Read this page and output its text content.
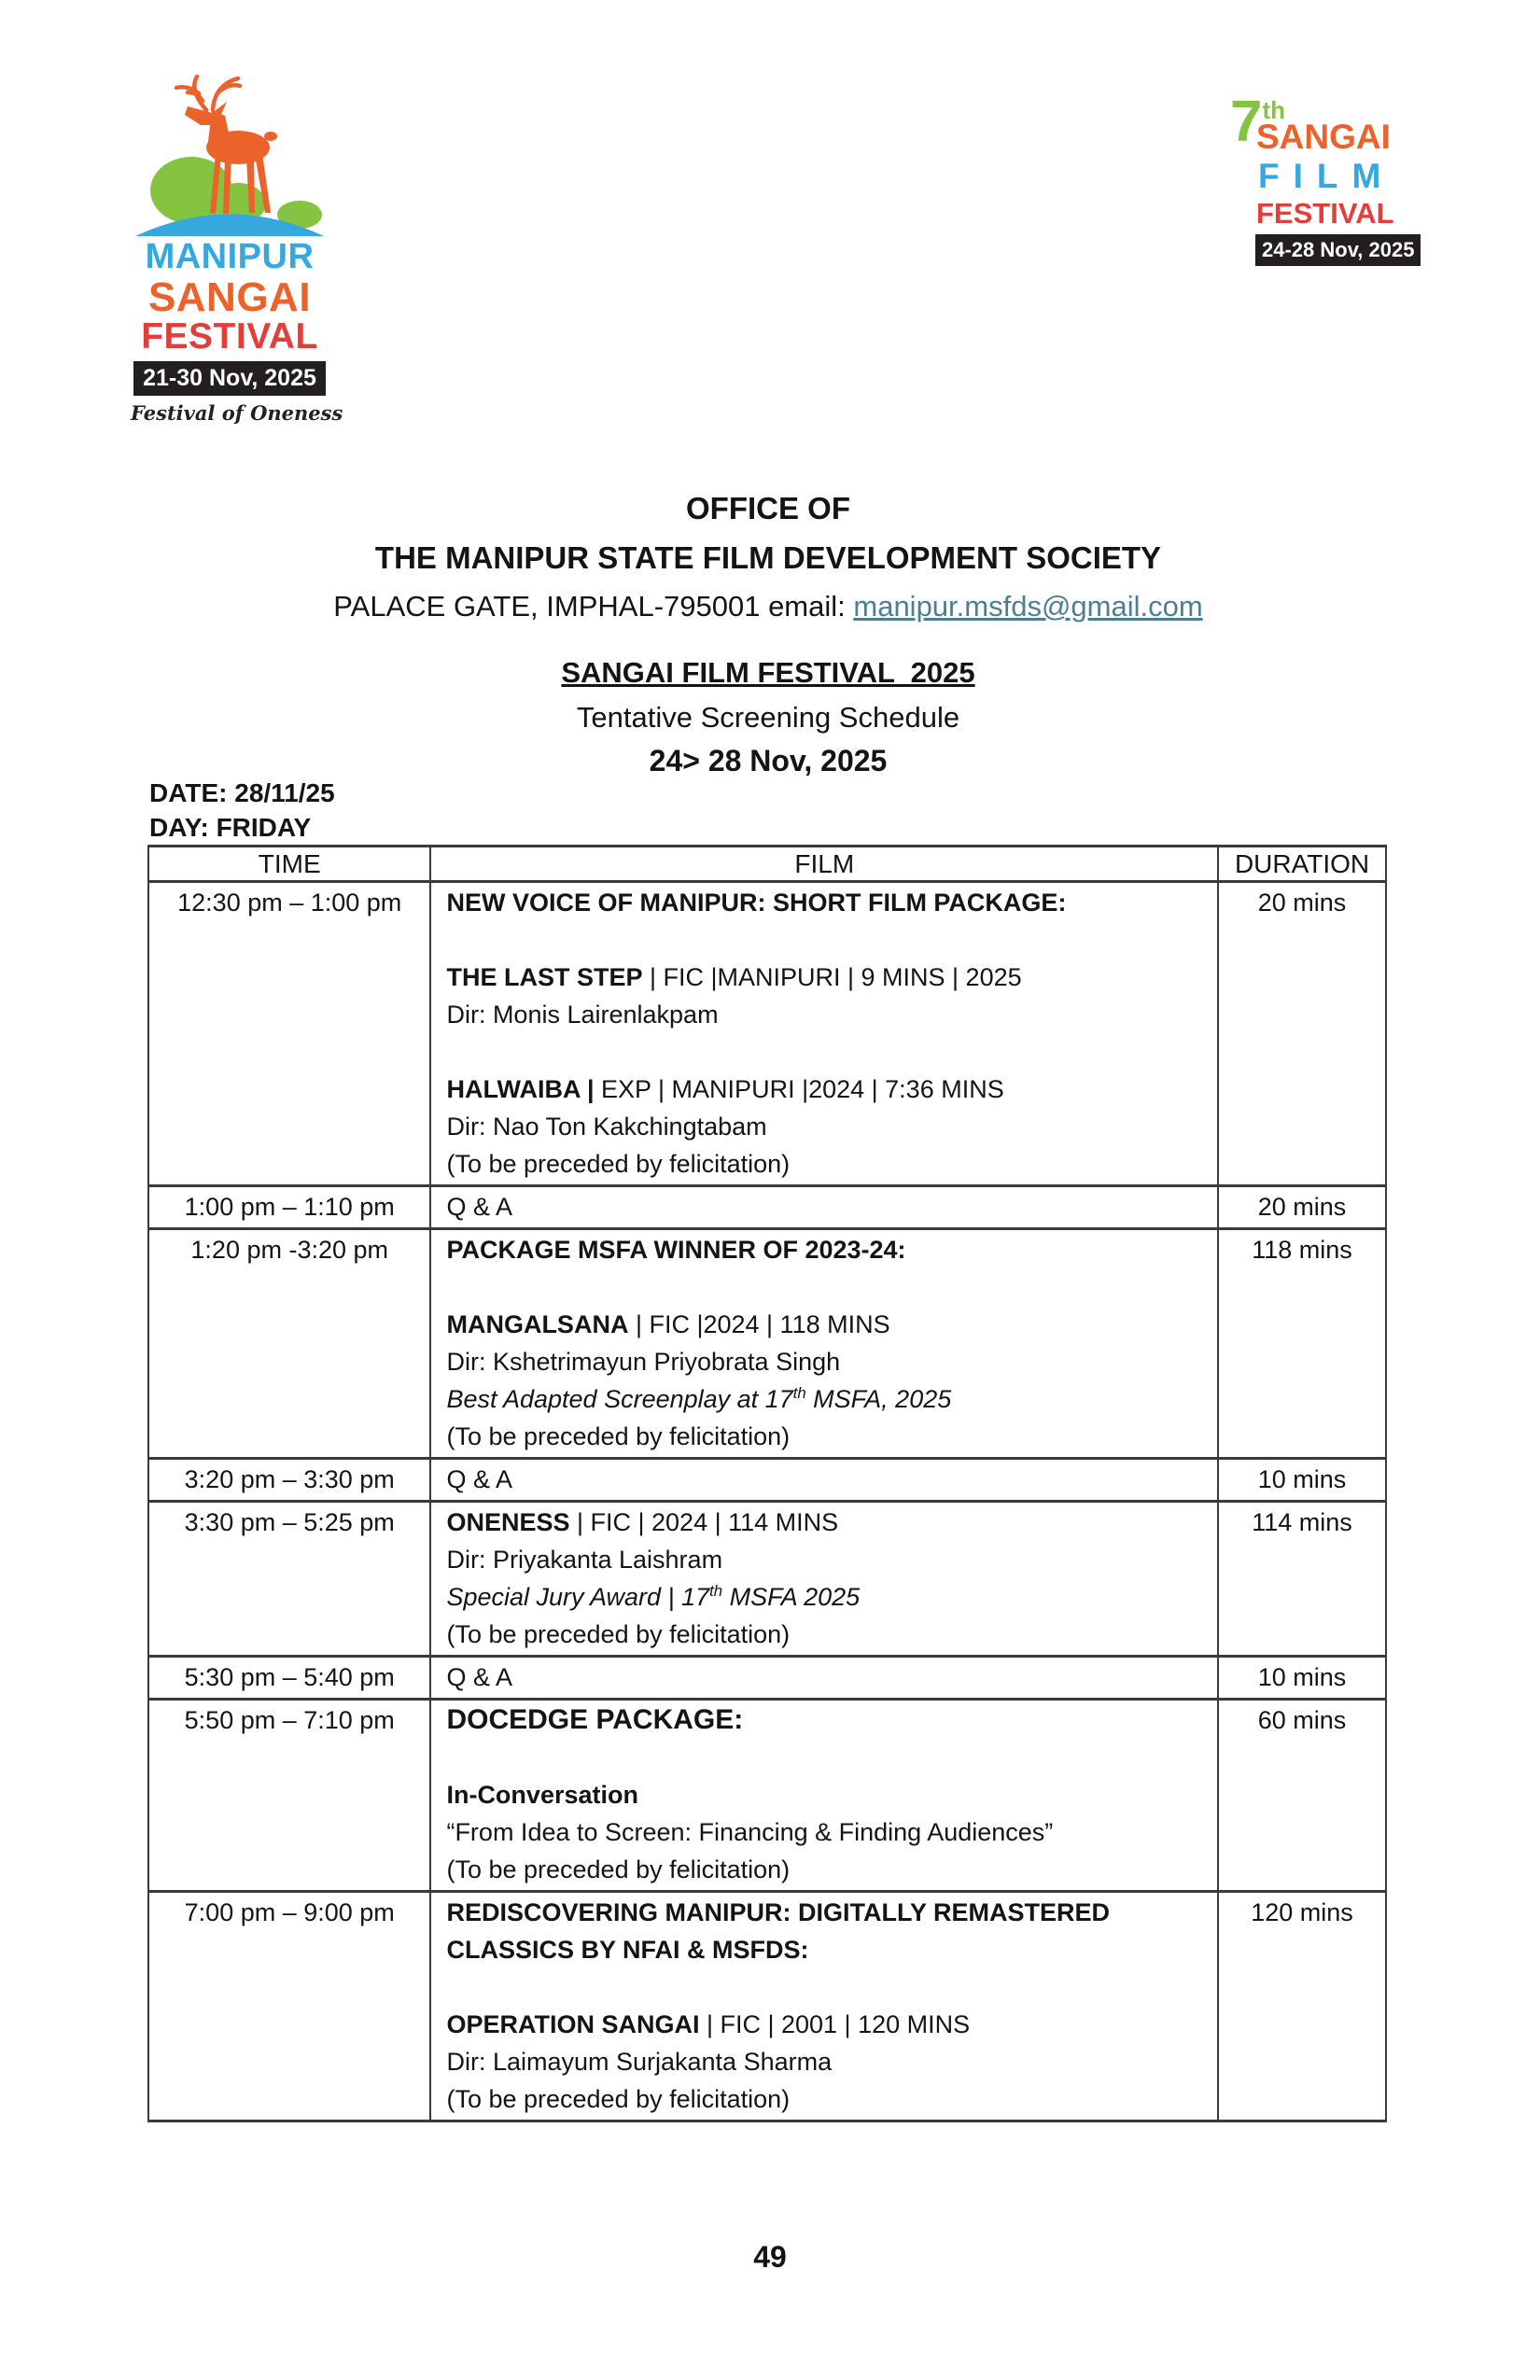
MANIPUR
SANGAI
FESTIVAL
21-30 Nov, 2025
Festival of Oneness
7th
SANGAI
FILM
FESTIVAL
24-28 Nov, 2025
OFFICE OF
THE MANIPUR STATE FILM DEVELOPMENT SOCIETY
PALACE GATE, IMPHAL-795001 email: manipur.msfds@gmail.com
SANGAI FILM FESTIVAL  2025
Tentative Screening Schedule
24> 28 Nov, 2025
DATE: 28/11/25
DAY: FRIDAY
TIME	FILM	DURATION
12:30 pm – 1:00 pm	NEW VOICE OF MANIPUR: SHORT FILM PACKAGE:
THE LAST STEP | FIC |MANIPURI | 9 MINS | 2025
Dir: Monis Lairenlakpam
HALWAIBA | EXP | MANIPURI |2024 | 7:36 MINS
Dir: Nao Ton Kakchingtabam
(To be preceded by felicitation)
	20 mins
1:00 pm – 1:10 pm	Q & A	20 mins
1:20 pm -3:20 pm	PACKAGE MSFA WINNER OF 2023-24:
MANGALSANA | FIC |2024 | 118 MINS
Dir: Kshetrimayun Priyobrata Singh
Best Adapted Screenplay at 17th MSFA, 2025
(To be preceded by felicitation)	118 mins
3:20 pm – 3:30 pm	Q & A	10 mins
3:30 pm – 5:25 pm	ONENESS | FIC | 2024 | 114 MINS
Dir: Priyakanta Laishram
Special Jury Award | 17th MSFA 2025
(To be preceded by felicitation)	114 mins
5:30 pm – 5:40 pm	Q & A	10 mins
5:50 pm – 7:10 pm	DOCEDGE PACKAGE:
In-Conversation
“From Idea to Screen: Financing & Finding Audiences”
(To be preceded by felicitation)	60 mins
7:00 pm – 9:00 pm	REDISCOVERING MANIPUR: DIGITALLY REMASTERED
CLASSICS BY NFAI & MSFDS:
OPERATION SANGAI | FIC | 2001 | 120 MINS
Dir: Laimayum Surjakanta Sharma
(To be preceded by felicitation)	120 mins
49
